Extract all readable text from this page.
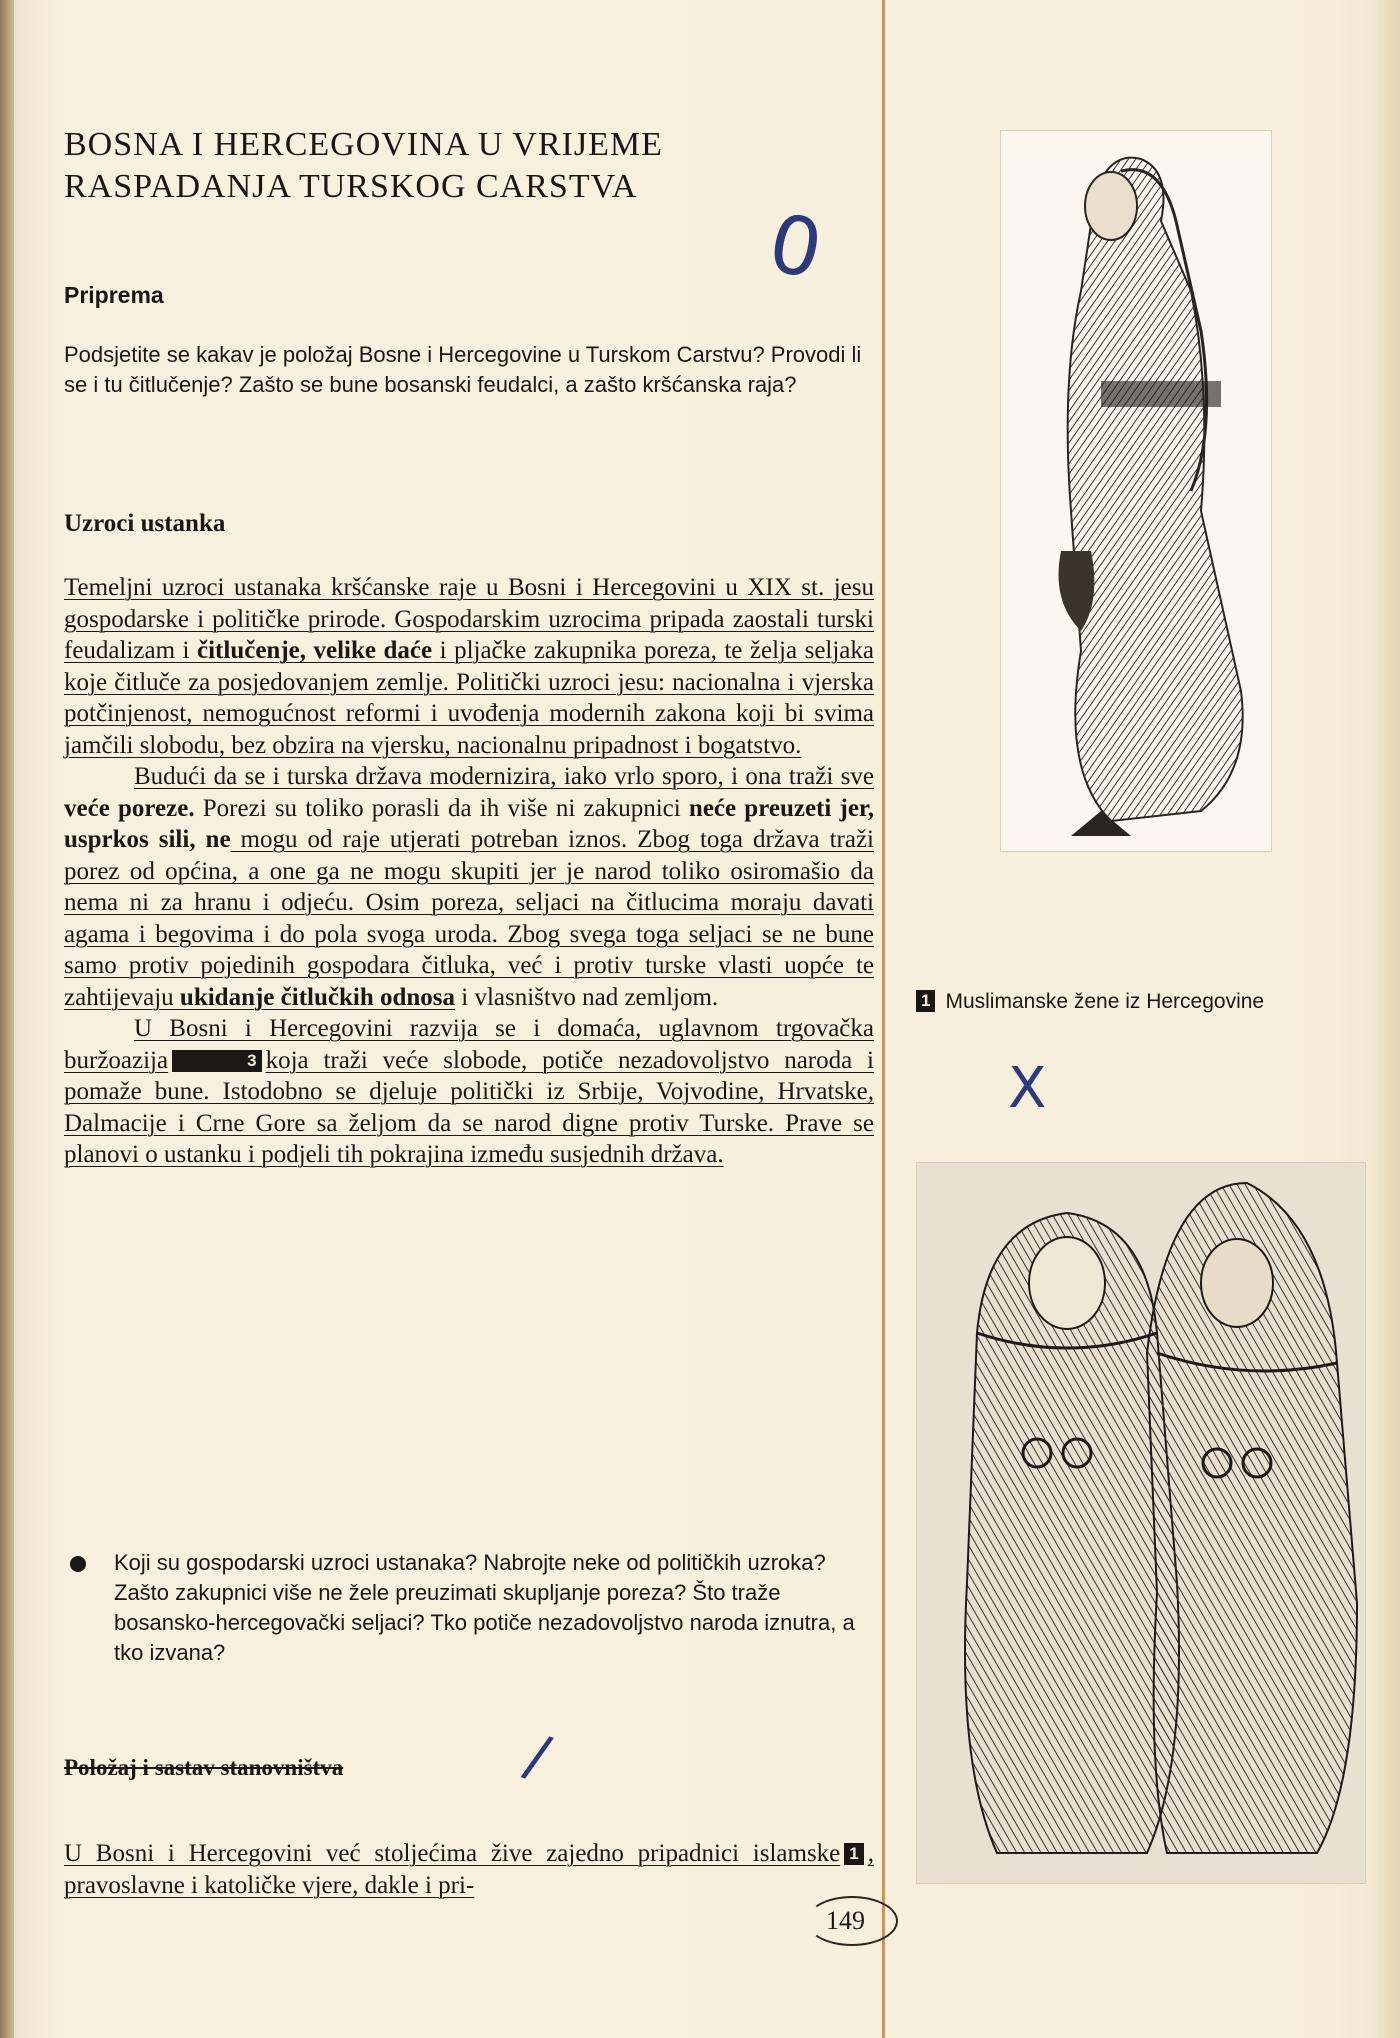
BOSNA I HERCEGOVINA U VRIJEME
RASPADANJA TURSKOG CARSTVA
0
Priprema

Podsjetite se kakav je položaj Bosne i Hercegovine u Turskom Carstvu? Provodi li se i tu čitlučenje? Zašto se bune bosanski feudalci, a zašto kršćanska raja?

Uzroci ustanka

Temeljni uzroci ustanaka kršćanske raje u Bosni i Hercegovini u XIX st. jesu gospodarske i političke prirode. Gospodarskim uzrocima pripada zaostali turski feudalizam i čitlučenje, velike daće i pljačke zakupnika poreza, te želja seljaka koje čitluče za posjedovanjem zemlje. Politički uzroci jesu: nacionalna i vjerska potčinjenost, nemogućnost reformi i uvođenja modernih zakona koji bi svima jamčili slobodu, bez obzira na vjersku, nacionalnu pripadnost i bogatstvo.

Budući da se i turska država modernizira, iako vrlo sporo, i ona traži sve veće poreze. Porezi su toliko porasli da ih više ni zakupnici neće preuzeti jer, usprkos sili, ne mogu od raje utjerati potreban iznos. Zbog toga država traži porez od općina, a one ga ne mogu skupiti jer je narod toliko osiromašio da nema ni za hranu i odjeću. Osim poreza, seljaci na čitlucima moraju davati agama i begovima i do pola svoga uroda. Zbog svega toga seljaci se ne bune samo protiv pojedinih gospodara čitluka, već i protiv turske vlasti uopće te zahtijevaju ukidanje čitlučkih odnosa i vlasništvo nad zemljom.

U Bosni i Hercegovini razvija se i domaća, uglavnom trgovačka buržoazija	3 koja traži veće slobode, potiče nezadovoljstvo naroda i pomaže bune. Istodobno se djeluje politički iz Srbije, Vojvodine, Hrvatske, Dalmacije i Crne Gore sa željom da se narod digne protiv Turske. Prave se planovi o ustanku i podjeli tih pokrajina između susjednih država.

Koji su gospodarski uzroci ustanaka? Nabrojte neke od političkih uzroka? Zašto zakupnici više ne žele preuzimati skupljanje poreza? Što traže bosansko-hercegovački seljaci? Tko potiče nezadovoljstvo naroda iznutra, a tko izvana?
Položaj i sastav stanovništva	/
U Bosni i Hercegovini već stoljećima žive zajedno pripadnici islamske 1 , pravoslavne i katoličke vjere, dakle i pri-
149
1 Muslimanske žene iz Hercegovine
X
